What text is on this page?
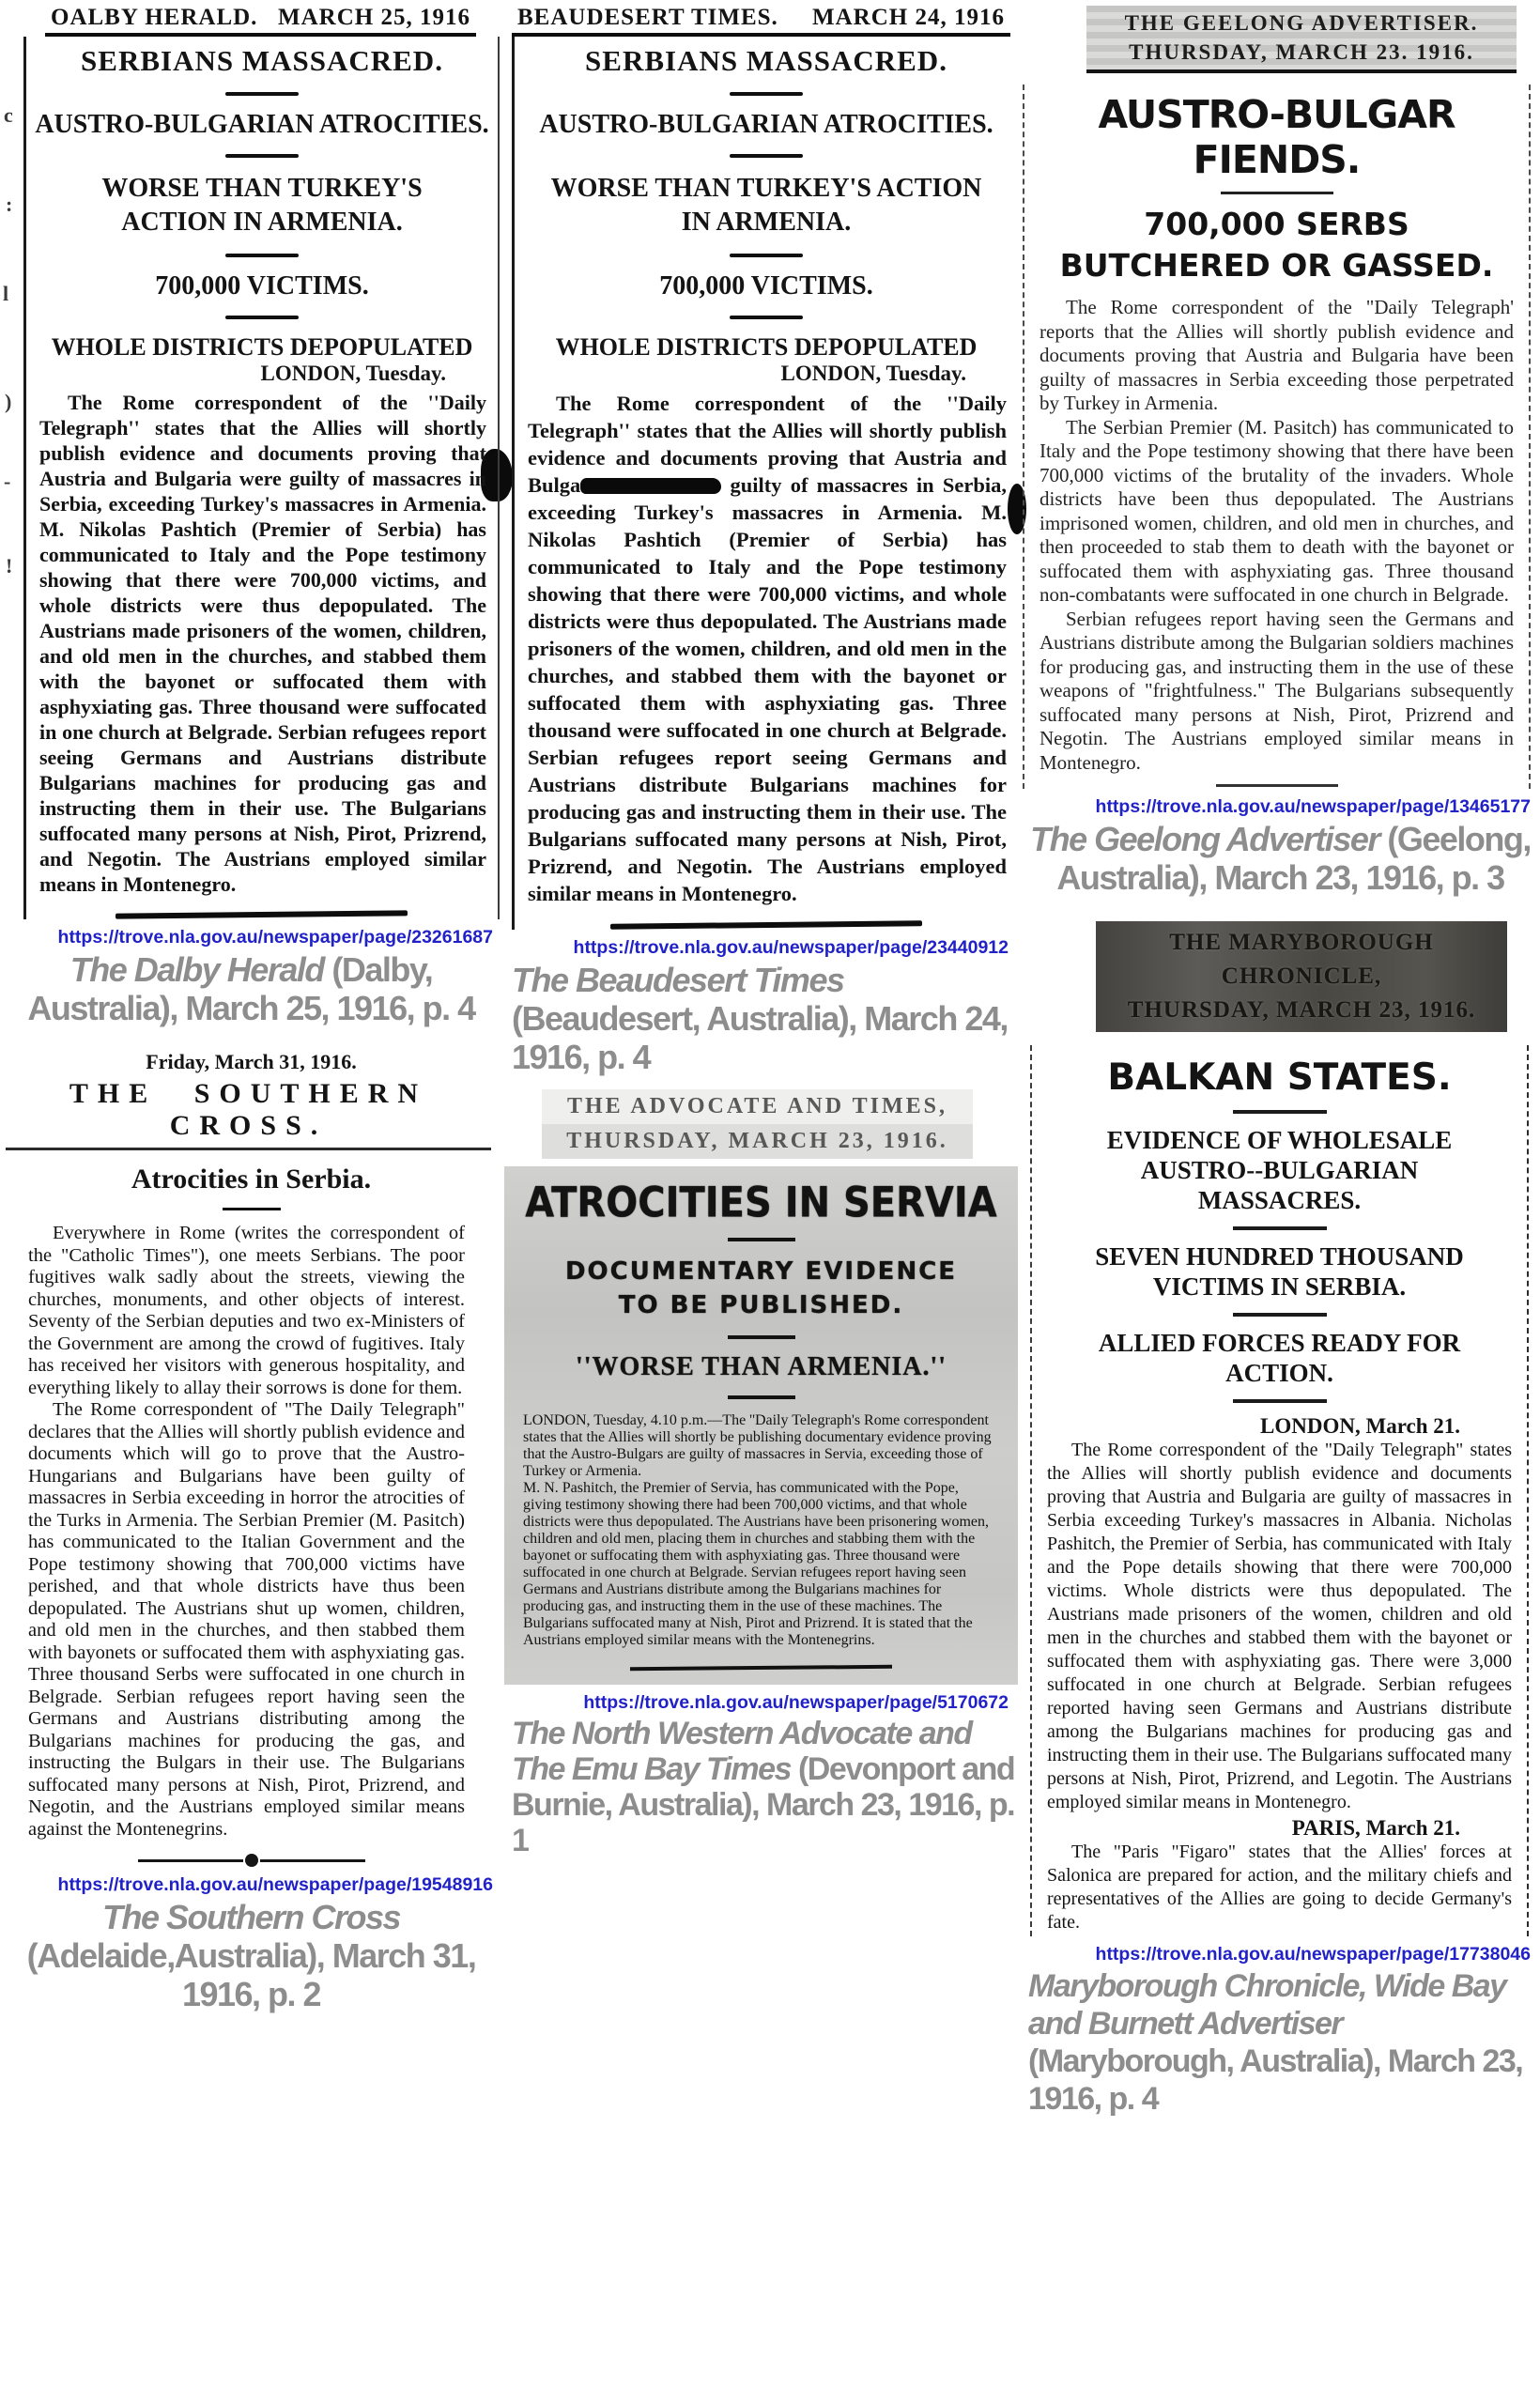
c
:
l
)
-
!
OALBY HERALD. MARCH 25, 1916
SERBIANS MASSACRED.
AUSTRO-BULGARIAN ATROCITIES.
WORSE THAN TURKEY'S ACTION IN ARMENIA.
700,000 VICTIMS.
WHOLE DISTRICTS DEPOPULATED
LONDON, Tuesday.

The Rome correspondent of the ''Daily Telegraph'' states that the Allies will shortly publish evidence and documents proving that Austria and Bulgaria were guilty of massacres in Serbia, exceeding Turkey's massacres in Armenia. M. Nikolas Pashtich (Premier of Serbia) has communicated to Italy and the Pope testimony showing that there were 700,000 victims, and whole districts were thus depopulated. The Austrians made prisoners of the women, children, and old men in the churches, and stabbed them with the bayonet or suffocated them with asphyxiating gas. Three thousand were suffocated in one church at Belgrade. Serbian refugees report seeing Germans and Austrians distribute Bulgarians machines for producing gas and instructing them in their use. The Bulgarians suffocated many persons at Nish, Pirot, Prizrend, and Negotin. The Austrians employed similar means in Montenegro.

https://trove.nla.gov.au/newspaper/page/23261687
The Dalby Herald (Dalby, Australia), March 25, 1916, p. 4
Friday, March 31, 1916.
THE SOUTHERN CROSS.
Atrocities in Serbia.

Everywhere in Rome (writes the correspondent of the "Catholic Times"), one meets Serbians. The poor fugitives walk sadly about the streets, viewing the churches, monuments, and other objects of interest. Seventy of the Serbian deputies and two ex-Ministers of the Government are among the crowd of fugitives. Italy has received her visitors with generous hospitality, and everything likely to allay their sorrows is done for them.

The Rome correspondent of "The Daily Telegraph" declares that the Allies will shortly publish evidence and documents which will go to prove that the Austro-Hungarians and Bulgarians have been guilty of massacres in Serbia exceeding in horror the atrocities of the Turks in Armenia. The Serbian Premier (M. Pasitch) has communicated to the Italian Government and the Pope testimony showing that 700,000 victims have perished, and that whole districts have thus been depopulated. The Austrians shut up women, children, and old men in the churches, and then stabbed them with bayonets or suffocated them with asphyxiating gas. Three thousand Serbs were suffocated in one church in Belgrade. Serbian refugees report having seen the Germans and Austrians distributing among the Bulgarians machines for producing the gas, and instructing the Bulgars in their use. The Bulgarians suffocated many persons at Nish, Pirot, Prizrend, and Negotin, and the Austrians employed similar means against the Montenegrins.

https://trove.nla.gov.au/newspaper/page/19548916
The Southern Cross (Adelaide,Australia), March 31, 1916, p. 2
BEAUDESERT TIMES. MARCH 24, 1916
SERBIANS MASSACRED.
AUSTRO-BULGARIAN ATROCITIES.
WORSE THAN TURKEY'S ACTION IN ARMENIA.
700,000 VICTIMS.
WHOLE DISTRICTS DEPOPULATED
LONDON, Tuesday.

The Rome correspondent of the ''Daily Telegraph'' states that the Allies will shortly publish evidence and documents proving that Austria and Bulga	guilty of massacres in Serbia, exceeding Turkey's massacres in Armenia. M. Nikolas Pashtich (Premier of Serbia) has communicated to Italy and the Pope testimony showing that there were 700,000 victims, and whole districts were thus depopulated. The Austrians made prisoners of the women, children, and old men in the churches, and stabbed them with the bayonet or suffocated them with asphyxiating gas. Three thousand were suffocated in one church at Belgrade. Serbian refugees report seeing Germans and Austrians distribute Bulgarians machines for producing gas and instructing them in their use. The Bulgarians suffocated many persons at Nish, Pirot, Prizrend, and Negotin. The Austrians employed similar means in Montenegro.

https://trove.nla.gov.au/newspaper/page/23440912
The Beaudesert Times (Beaudesert, Australia), March 24, 1916, p. 4
THE ADVOCATE AND TIMES,
THURSDAY, MARCH 23, 1916.
ATROCITIES IN SERVIA
DOCUMENTARY EVIDENCE TO BE PUBLISHED.
''WORSE THAN ARMENIA.''

LONDON, Tuesday, 4.10 p.m.—The ''Daily Telegraph's Rome correspondent states that the Allies will shortly be publishing documentary evidence proving that the Austro-Bulgars are guilty of massacres in Servia, exceeding those of Turkey or Armenia.

M. N. Pashitch, the Premier of Servia, has communicated with the Pope, giving testimony showing there had been 700,000 victims, and that whole districts were thus depopulated. The Austrians have been prisonering women, children and old men, placing them in churches and stabbing them with the bayonet or suffocating them with asphyxiating gas. Three thousand were suffocated in one church at Belgrade. Servian refugees report having seen Germans and Austrians distribute among the Bulgarians machines for producing gas, and instructing them in the use of these machines. The Bulgarians suffocated many at Nish, Pirot and Prizrend. It is stated that the Austrians employed similar means with the Montenegrins.

https://trove.nla.gov.au/newspaper/page/5170672
The North Western Advocate and The Emu Bay Times (Devonport and Burnie, Australia), March 23, 1916, p. 1
THE GEELONG ADVERTISER.
THURSDAY, MARCH 23. 1916.
AUSTRO-BULGAR FIENDS.
700,000 SERBS BUTCHERED OR GASSED.

The Rome correspondent of the "Daily Telegraph' reports that the Allies will shortly publish evidence and documents proving that Austria and Bulgaria have been guilty of massacres in Serbia exceeding those perpetrated by Turkey in Armenia.

The Serbian Premier (M. Pasitch) has communicated to Italy and the Pope testimony showing that there have been 700,000 victims of the brutality of the invaders. Whole districts have been thus depopulated. The Austrians imprisoned women, children, and old men in churches, and then proceeded to stab them to death with the bayonet or suffocated them with asphyxiating gas. Three thousand non-combatants were suffocated in one church in Belgrade.

Serbian refugees report having seen the Germans and Austrians distribute among the Bulgarian soldiers machines for producing gas, and instructing them in the use of these weapons of "frightfulness." The Bulgarians subsequently suffocated many persons at Nish, Pirot, Prizrend and Negotin. The Austrians employed similar means in Montenegro.

https://trove.nla.gov.au/newspaper/page/13465177
The Geelong Advertiser (Geelong, Australia), March 23, 1916, p. 3
THE MARYBOROUGH CHRONICLE,
THURSDAY, MARCH 23, 1916.
BALKAN STATES.
EVIDENCE OF WHOLESALE AUSTRO--BULGARIAN MASSACRES.
SEVEN HUNDRED THOUSAND VICTIMS IN SERBIA.
ALLIED FORCES READY FOR ACTION.
LONDON, March 21.

The Rome correspondent of the "Daily Telegraph" states the Allies will shortly publish evidence and documents proving that Austria and Bulgaria are guilty of massacres in Serbia exceeding Turkey's massacres in Albania. Nicholas Pashitch, the Premier of Serbia, has communicated with Italy and the Pope details showing that there were 700,000 victims. Whole districts were thus depopulated. The Austrians made prisoners of the women, children and old men in the churches and stabbed them with the bayonet or suffocated them with asphyxiating gas. There were 3,000 suffocated in one church at Belgrade. Serbian refugees reported having seen Germans and Austrians distribute among the Bulgarians machines for producing gas and instructing them in their use. The Bulgarians suffocated many persons at Nish, Pirot, Prizrend, and Legotin. The Austrians employed similar means in Montenegro.

PARIS, March 21.

The "Paris "Figaro" states that the Allies' forces at Salonica are prepared for action, and the military chiefs and representatives of the Allies are going to decide Germany's fate.

https://trove.nla.gov.au/newspaper/page/17738046
Maryborough Chronicle, Wide Bay and Burnett Advertiser (Maryborough, Australia), March 23, 1916, p. 4
